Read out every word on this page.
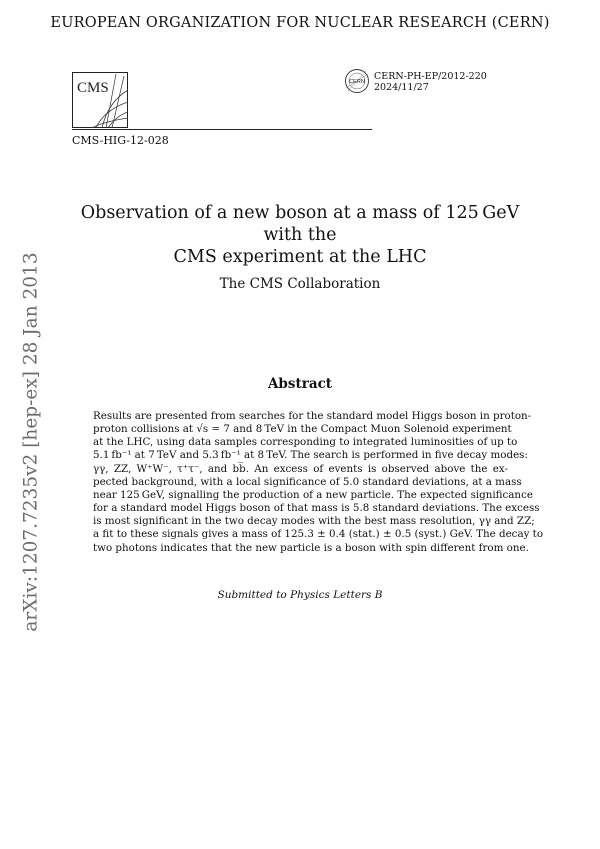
EUROPEAN ORGANIZATION FOR NUCLEAR RESEARCH (CERN)
CMS
CMS-HIG-12-028
CERN CERN-PH-EP/2012-220
2024/11/27
Observation of a new boson at a mass of 125 GeV with the
CMS experiment at the LHC
The CMS Collaboration
Abstract
Results are presented from searches for the standard model Higgs boson in proton-
proton collisions at √s = 7 and 8 TeV in the Compact Muon Solenoid experiment
at the LHC, using data samples corresponding to integrated luminosities of up to
5.1 fb⁻¹ at 7 TeV and 5.3 fb⁻¹ at 8 TeV. The search is performed in five decay modes:
γγ, ZZ, W⁺W⁻, τ⁺τ⁻, and bb̅. An excess of events is observed above the ex-
pected background, with a local significance of 5.0 standard deviations, at a mass
near 125 GeV, signalling the production of a new particle. The expected significance
for a standard model Higgs boson of that mass is 5.8 standard deviations. The excess
is most significant in the two decay modes with the best mass resolution, γγ and ZZ;
a fit to these signals gives a mass of 125.3 ± 0.4 (stat.) ± 0.5 (syst.) GeV. The decay to
two photons indicates that the new particle is a boson with spin different from one.
Submitted to Physics Letters B
arXiv:1207.7235v2 [hep-ex] 28 Jan 2013
